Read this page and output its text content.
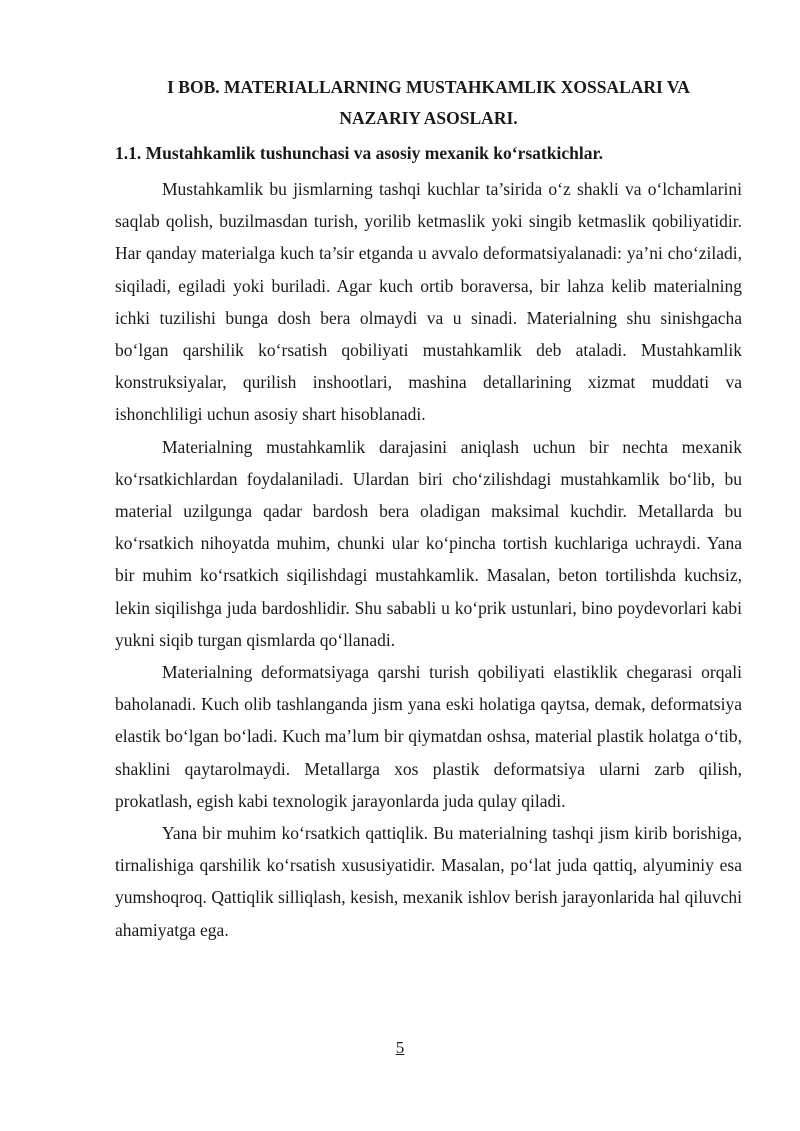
I BOB. MATERIALLARNING MUSTAHKAMLIK XOSSALARI VA
NAZARIY ASOSLARI.

1.1. Mustahkamlik tushunchasi va asosiy mexanik ko‘rsatkichlar.

Mustahkamlik bu jismlarning tashqi kuchlar ta’sirida o‘z shakli va o‘lchamlarini saqlab qolish, buzilmasdan turish, yorilib ketmaslik yoki singib ketmaslik qobiliyatidir. Har qanday materialga kuch ta’sir etganda u avvalo deformatsiyalanadi: ya’ni cho‘ziladi, siqiladi, egiladi yoki buriladi. Agar kuch ortib boraversa, bir lahza kelib materialning ichki tuzilishi bunga dosh bera olmaydi va u sinadi. Materialning shu sinishgacha bo‘lgan qarshilik ko‘rsatish qobiliyati mustahkamlik deb ataladi. Mustahkamlik konstruksiyalar, qurilish inshootlari, mashina detallarining xizmat muddati va ishonchliligi uchun asosiy shart hisoblanadi.

Materialning mustahkamlik darajasini aniqlash uchun bir nechta mexanik ko‘rsatkichlardan foydalaniladi. Ulardan biri cho‘zilishdagi mustahkamlik bo‘lib, bu material uzilgunga qadar bardosh bera oladigan maksimal kuchdir. Metallarda bu ko‘rsatkich nihoyatda muhim, chunki ular ko‘pincha tortish kuchlariga uchraydi. Yana bir muhim ko‘rsatkich siqilishdagi mustahkamlik. Masalan, beton tortilishda kuchsiz, lekin siqilishga juda bardoshlidir. Shu sababli u ko‘prik ustunlari, bino poydevorlari kabi yukni siqib turgan qismlarda qo‘llanadi.

Materialning deformatsiyaga qarshi turish qobiliyati elastiklik chegarasi orqali baholanadi. Kuch olib tashlanganda jism yana eski holatiga qaytsa, demak, deformatsiya elastik bo‘lgan bo‘ladi. Kuch ma’lum bir qiymatdan oshsa, material plastik holatga o‘tib, shaklini qaytarolmaydi. Metallarga xos plastik deformatsiya ularni zarb qilish, prokatlash, egish kabi texnologik jarayonlarda juda qulay qiladi.

Yana bir muhim ko‘rsatkich qattiqlik. Bu materialning tashqi jism kirib borishiga, tirnalishiga qarshilik ko‘rsatish xususiyatidir. Masalan, po‘lat juda qattiq, alyuminiy esa yumshoqroq. Qattiqlik silliqlash, kesish, mexanik ishlov berish jarayonlarida hal qiluvchi ahamiyatga ega.

5
